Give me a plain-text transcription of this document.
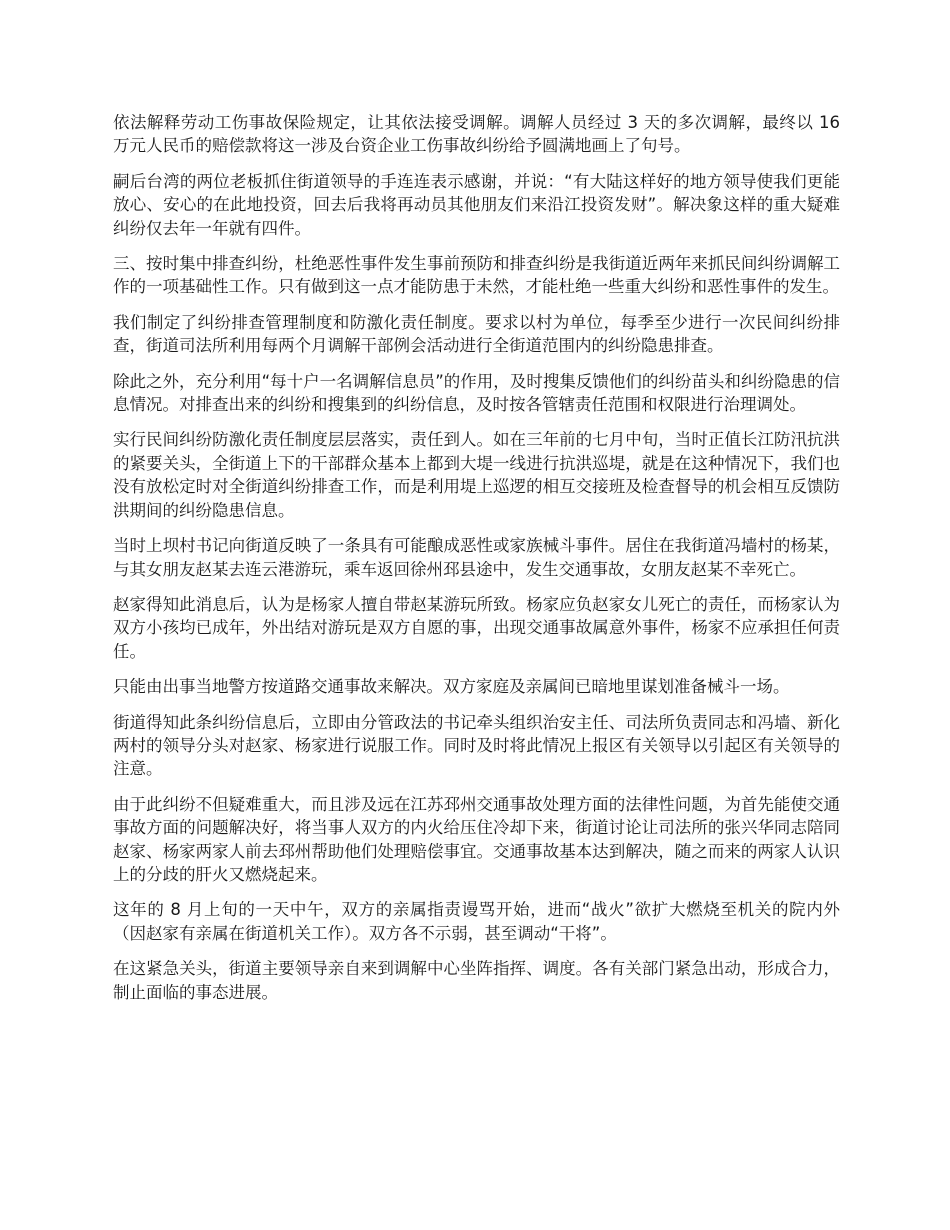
依法解释劳动工伤事故保险规定，让其依法接受调解。调解人员经过 3 天的多次调解，最终以 16 万元人民币的赔偿款将这一涉及台资企业工伤事故纠纷给予圆满地画上了句号。

嗣后台湾的两位老板抓住街道领导的手连连表示感谢，并说：“有大陆这样好的地方领导使我们更能放心、安心的在此地投资，回去后我将再动员其他朋友们来沿江投资发财”。解决象这样的重大疑难纠纷仅去年一年就有四件。

三、按时集中排查纠纷，杜绝恶性事件发生事前预防和排查纠纷是我街道近两年来抓民间纠纷调解工作的一项基础性工作。只有做到这一点才能防患于未然，才能杜绝一些重大纠纷和恶性事件的发生。

我们制定了纠纷排查管理制度和防激化责任制度。要求以村为单位，每季至少进行一次民间纠纷排查，街道司法所利用每两个月调解干部例会活动进行全街道范围内的纠纷隐患排查。

除此之外，充分利用“每十户一名调解信息员”的作用，及时搜集反馈他们的纠纷苗头和纠纷隐患的信息情况。对排查出来的纠纷和搜集到的纠纷信息，及时按各管辖责任范围和权限进行治理调处。

实行民间纠纷防激化责任制度层层落实，责任到人。如在三年前的七月中旬，当时正值长江防汛抗洪的紧要关头，全街道上下的干部群众基本上都到大堤一线进行抗洪巡堤，就是在这种情况下，我们也没有放松定时对全街道纠纷排查工作，而是利用堤上巡逻的相互交接班及检查督导的机会相互反馈防洪期间的纠纷隐患信息。

当时上坝村书记向街道反映了一条具有可能酿成恶性或家族械斗事件。居住在我街道冯墙村的杨某，与其女朋友赵某去连云港游玩，乘车返回徐州邳县途中，发生交通事故，女朋友赵某不幸死亡。

赵家得知此消息后，认为是杨家人擅自带赵某游玩所致。杨家应负赵家女儿死亡的责任，而杨家认为双方小孩均已成年，外出结对游玩是双方自愿的事，出现交通事故属意外事件，杨家不应承担任何责任。

只能由出事当地警方按道路交通事故来解决。双方家庭及亲属间已暗地里谋划准备械斗一场。

街道得知此条纠纷信息后，立即由分管政法的书记牵头组织治安主任、司法所负责同志和冯墙、新化两村的领导分头对赵家、杨家进行说服工作。同时及时将此情况上报区有关领导以引起区有关领导的注意。

由于此纠纷不但疑难重大，而且涉及远在江苏邳州交通事故处理方面的法律性问题，为首先能使交通事故方面的问题解决好，将当事人双方的内火给压住冷却下来，街道讨论让司法所的张兴华同志陪同赵家、杨家两家人前去邳州帮助他们处理赔偿事宜。交通事故基本达到解决，随之而来的两家人认识上的分歧的肝火又燃烧起来。

这年的 8 月上旬的一天中午，双方的亲属指责谩骂开始，进而“战火”欲扩大燃烧至机关的院内外（因赵家有亲属在街道机关工作）。双方各不示弱，甚至调动“干将”。

在这紧急关头，街道主要领导亲自来到调解中心坐阵指挥、调度。各有关部门紧急出动，形成合力，制止面临的事态进展。
